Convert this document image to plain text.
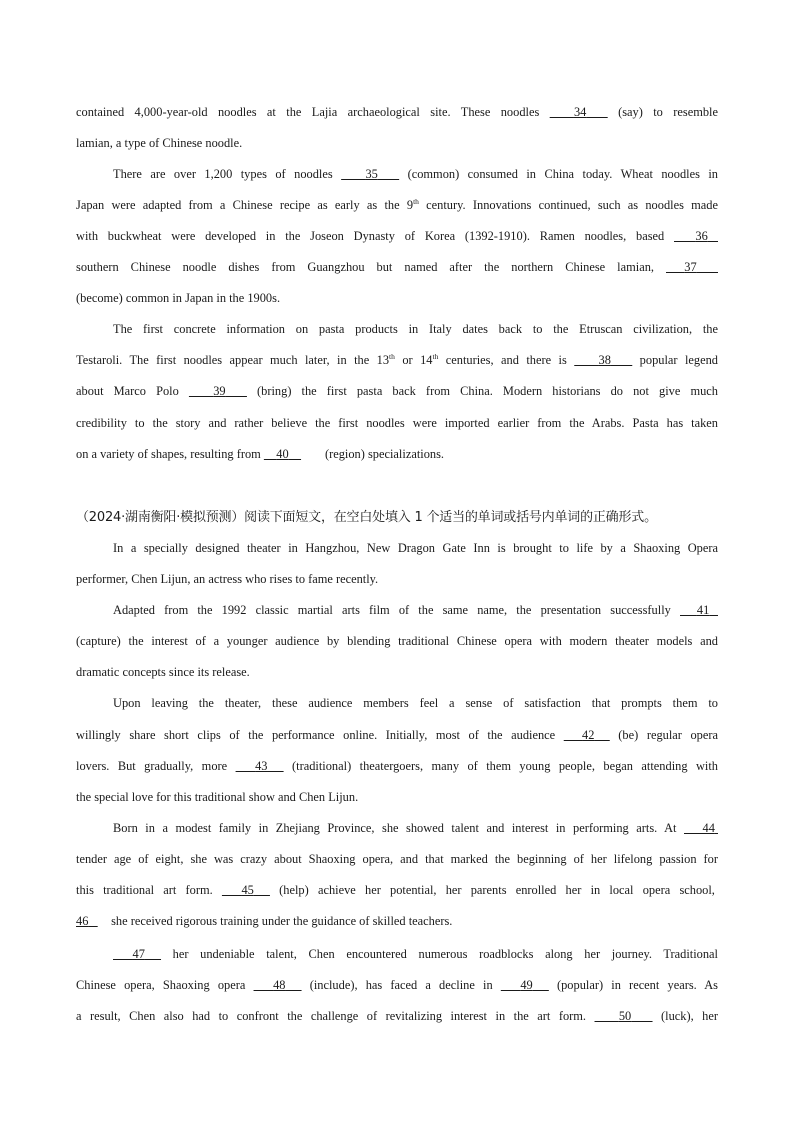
contained 4,000-year-old noodles at the Lajia archaeological site. These noodles     34     (say) to resemble
lamian, a type of Chinese noodle.
There are over 1,200 types of noodles     35     (common) consumed in China today. Wheat noodles in
Japan were adapted from a Chinese recipe as early as the 9th century. Innovations continued, such as noodles made
with buckwheat were developed in the Joseon Dynasty of Korea (1392-1910). Ramen noodles, based    36
southern Chinese noodle dishes from Guangzhou but named after the northern Chinese lamian,    37
(become) common in Japan in the 1900s.
The first concrete information on pasta products in Italy dates back to the Etruscan civilization, the
Testaroli. The first noodles appear much later, in the 13th or 14th centuries, and there is     38     popular legend
about Marco Polo     39     (bring) the first pasta back from China. Modern historians do not give much
credibility to the story and rather believe the first noodles were imported earlier from the Arabs. Pasta has taken
on a variety of shapes, resulting from     40	(region) specializations.
（2024·湖南衡阳·模拟预测）阅读下面短文，在空白处填入 1 个适当的单词或括号内单词的正确形式。
In a specially designed theater in Hangzhou, New Dragon Gate Inn is brought to life by a Shaoxing Opera
performer, Chen Lijun, an actress who rises to fame recently.
Adapted from the 1992 classic martial arts film of the same name, the presentation successfully    41
(capture) the interest of a younger audience by blending traditional Chinese opera with modern theater models and
dramatic concepts since its release.
Upon leaving the theater, these audience members feel a sense of satisfaction that prompts them to
willingly share short clips of the performance online. Initially, most of the audience    42    (be) regular opera
lovers. But gradually, more    43    (traditional) theatergoers, many of them young people, began attending with
the special love for this traditional show and Chen Lijun.
Born in a modest family in Zhejiang Province, she showed talent and interest in performing arts. At    44
tender age of eight, she was crazy about Shaoxing opera, and that marked the beginning of her lifelong passion for
this traditional art form.    45    (help) achieve her potential, her parents enrolled her in local opera school,
46    she received rigorous training under the guidance of skilled teachers.
47    her undeniable talent, Chen encountered numerous roadblocks along her journey. Traditional
Chinese opera, Shaoxing opera    48    (include), has faced a decline in    49    (popular) in recent years. As
a result, Chen also had to confront the challenge of revitalizing interest in the art form.     50     (luck), her
